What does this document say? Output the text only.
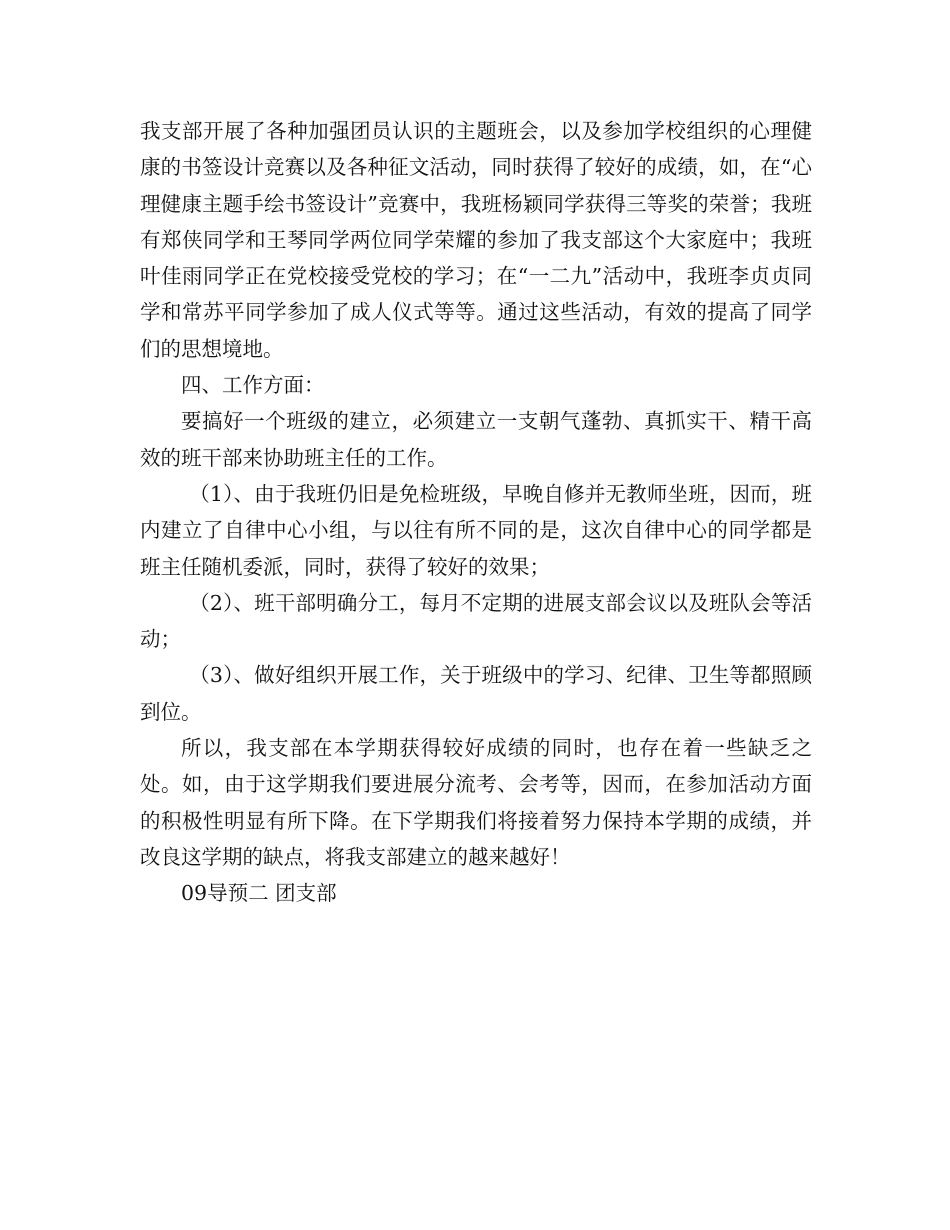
我支部开展了各种加强团员认识的主题班会，以及参加学校组织的心理健康的书签设计竞赛以及各种征文活动，同时获得了较好的成绩，如，在“心理健康主题手绘书签设计”竞赛中，我班杨颖同学获得三等奖的荣誉；我班有郑侠同学和王琴同学两位同学荣耀的参加了我支部这个大家庭中；我班叶佳雨同学正在党校接受党校的学习；在“一二九”活动中，我班李贞贞同学和常苏平同学参加了成人仪式等等。通过这些活动，有效的提高了同学们的思想境地。

四、工作方面：

要搞好一个班级的建立，必须建立一支朝气蓬勃、真抓实干、精干高效的班干部来协助班主任的工作。

（1）、由于我班仍旧是免检班级，早晚自修并无教师坐班，因而，班内建立了自律中心小组，与以往有所不同的是，这次自律中心的同学都是班主任随机委派，同时，获得了较好的效果；

（2）、班干部明确分工，每月不定期的进展支部会议以及班队会等活动；

（3）、做好组织开展工作，关于班级中的学习、纪律、卫生等都照顾到位。

所以，我支部在本学期获得较好成绩的同时，也存在着一些缺乏之处。如，由于这学期我们要进展分流考、会考等，因而，在参加活动方面的积极性明显有所下降。在下学期我们将接着努力保持本学期的成绩，并改良这学期的缺点，将我支部建立的越来越好！

09导预二 团支部
